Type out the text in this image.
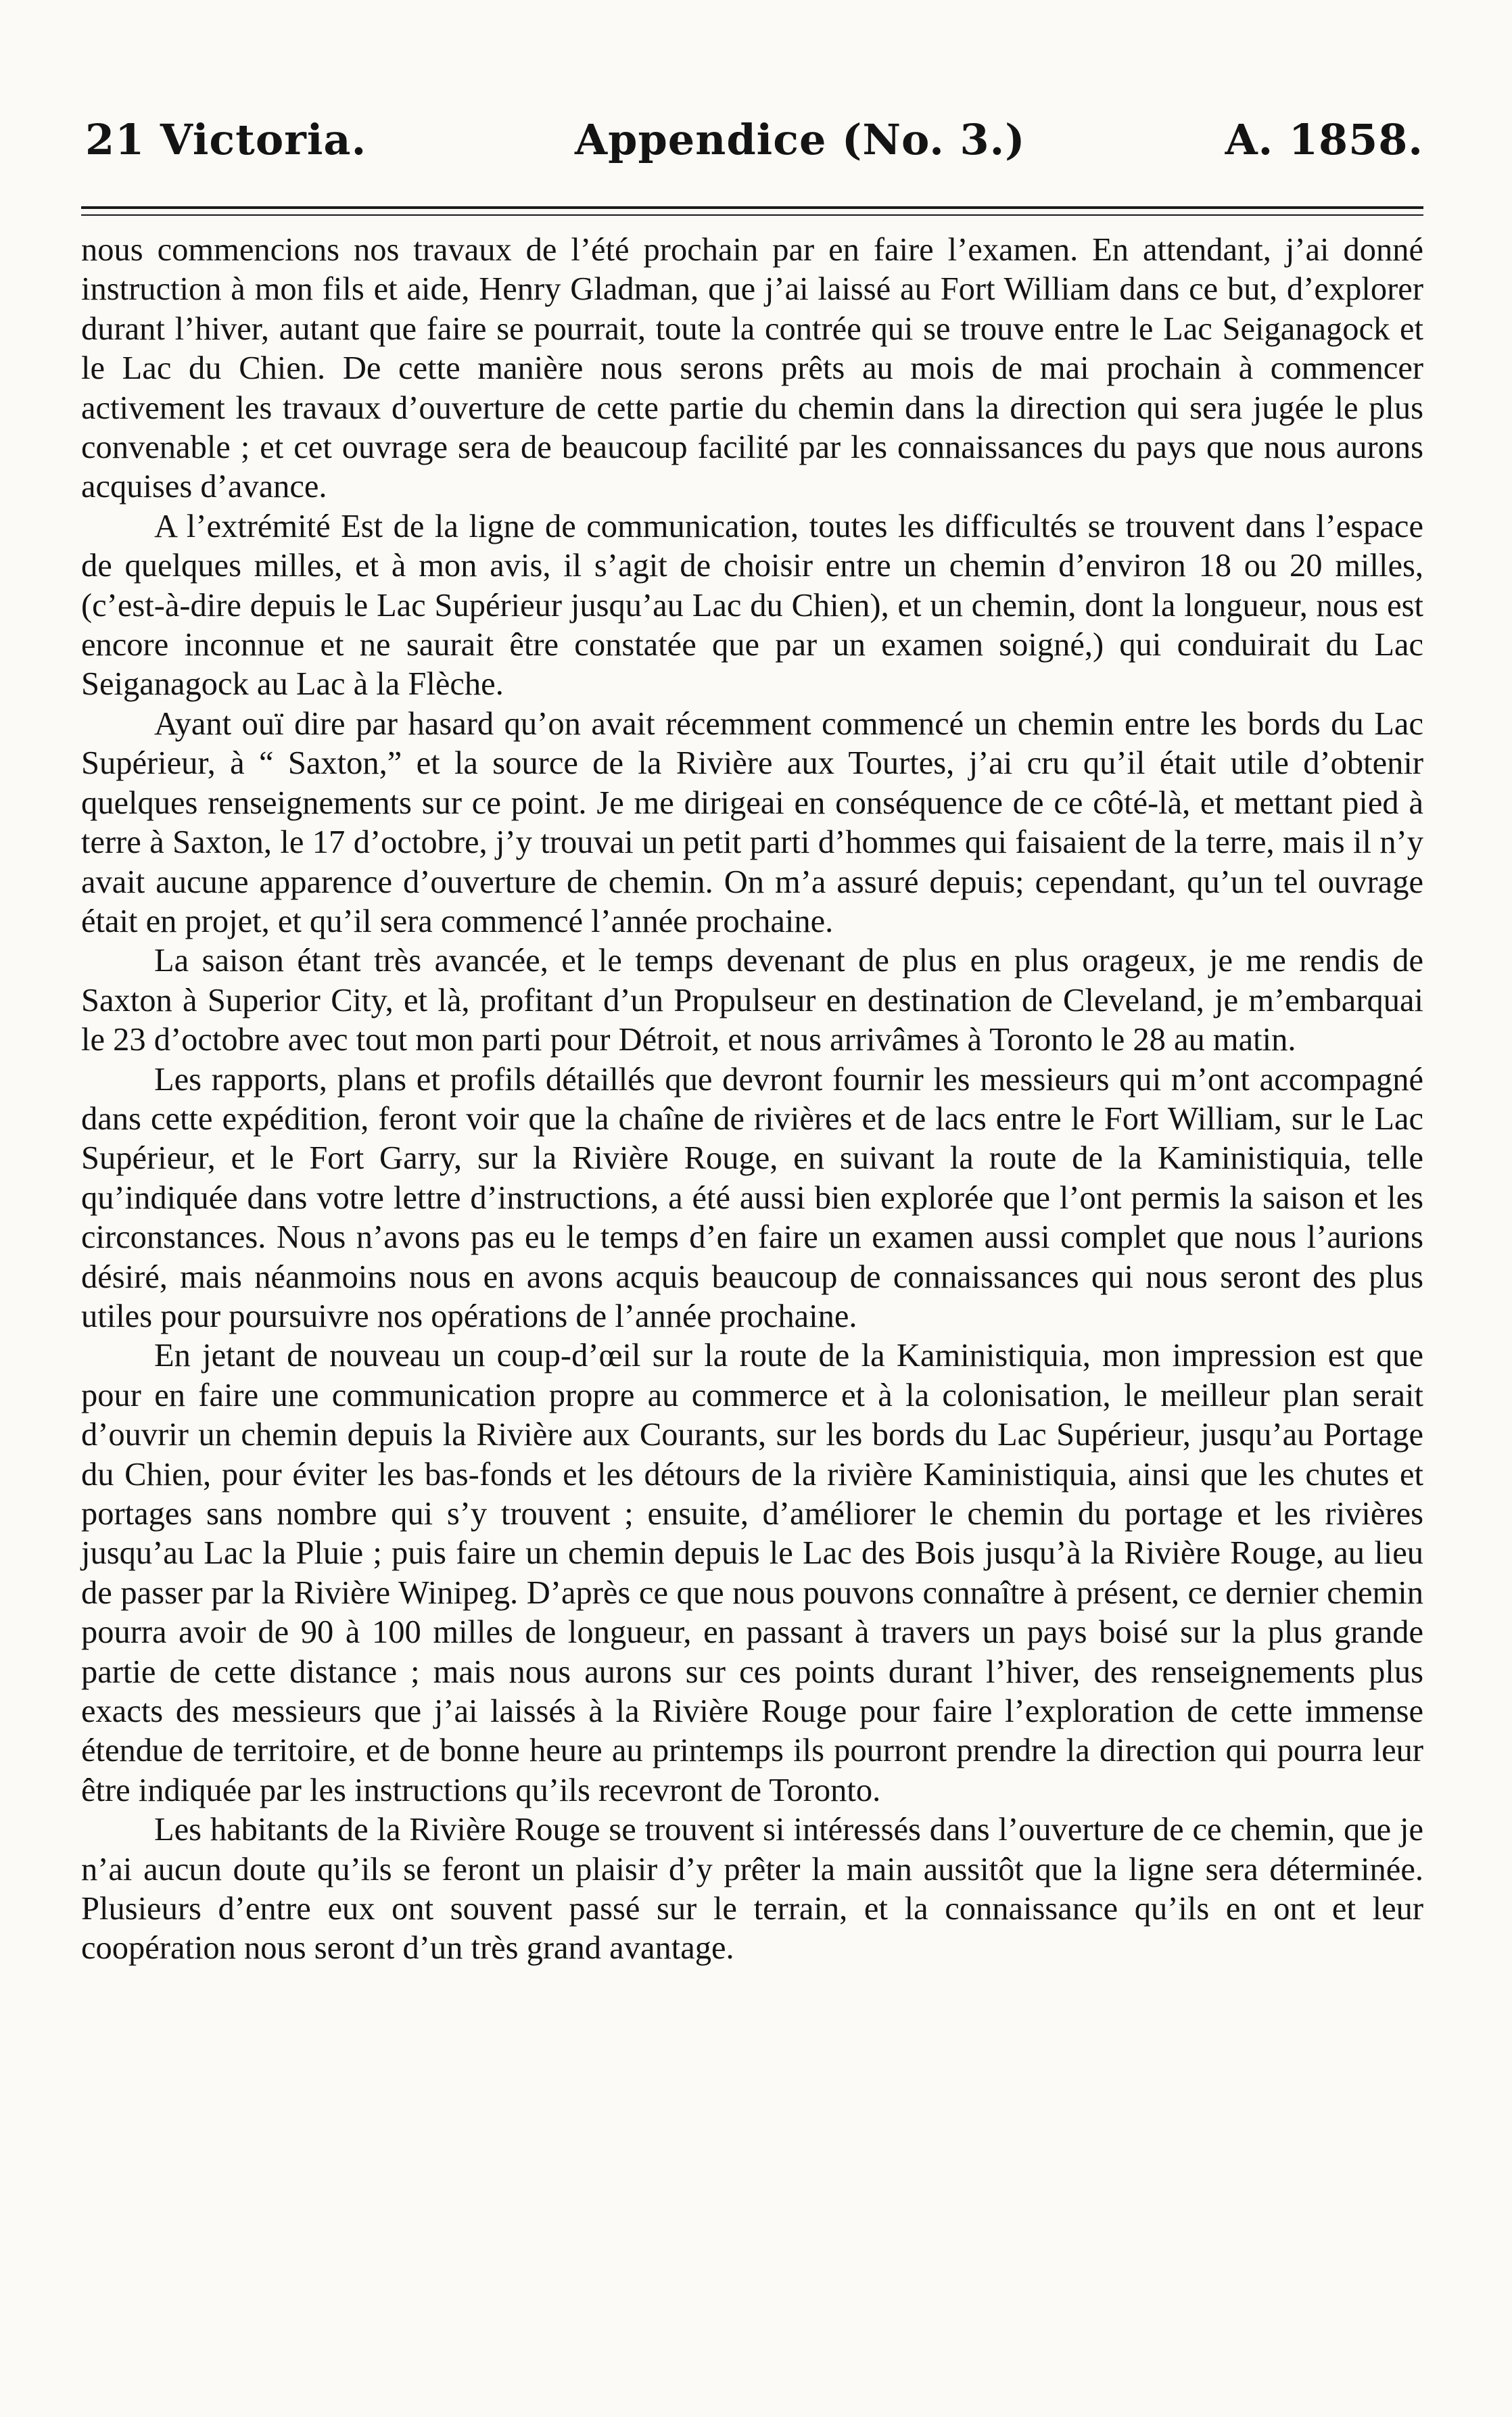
21 Victoria.	Appendice (No. 3.)	A. 1858.

nous commencions nos travaux de l’été prochain par en faire l’examen. En attendant, j’ai donné instruction à mon fils et aide, Henry Gladman, que j’ai laissé au Fort William dans ce but, d’explorer durant l’hiver, autant que faire se pourrait, toute la contrée qui se trouve entre le Lac Seiganagock et le Lac du Chien. De cette manière nous serons prêts au mois de mai prochain à commencer activement les travaux d’ouverture de cette partie du chemin dans la direction qui sera jugée le plus convenable ; et cet ouvrage sera de beaucoup facilité par les connaissances du pays que nous aurons acquises d’avance.

A l’extrémité Est de la ligne de communication, toutes les difficultés se trouvent dans l’espace de quelques milles, et à mon avis, il s’agit de choisir entre un chemin d’environ 18 ou 20 milles, (c’est-à-dire depuis le Lac Supérieur jusqu’au Lac du Chien), et un chemin, dont la longueur, nous est encore inconnue et ne saurait être constatée que par un examen soigné,) qui conduirait du Lac Seiganagock au Lac à la Flèche.

Ayant ouï dire par hasard qu’on avait récemment commencé un chemin entre les bords du Lac Supérieur, à “ Saxton,” et la source de la Rivière aux Tourtes, j’ai cru qu’il était utile d’obtenir quelques renseignements sur ce point. Je me dirigeai en conséquence de ce côté-là, et mettant pied à terre à Saxton, le 17 d’octobre, j’y trouvai un petit parti d’hommes qui faisaient de la terre, mais il n’y avait aucune apparence d’ouverture de chemin. On m’a assuré depuis; cependant, qu’un tel ouvrage était en projet, et qu’il sera commencé l’année prochaine.

La saison étant très avancée, et le temps devenant de plus en plus orageux, je me rendis de Saxton à Superior City, et là, profitant d’un Propulseur en destination de Cleveland, je m’embarquai le 23 d’octobre avec tout mon parti pour Détroit, et nous arrivâmes à Toronto le 28 au matin.

Les rapports, plans et profils détaillés que devront fournir les messieurs qui m’ont accompagné dans cette expédition, feront voir que la chaîne de rivières et de lacs entre le Fort William, sur le Lac Supérieur, et le Fort Garry, sur la Rivière Rouge, en suivant la route de la Kaministiquia, telle qu’indiquée dans votre lettre d’instructions, a été aussi bien explorée que l’ont permis la saison et les circonstances. Nous n’avons pas eu le temps d’en faire un examen aussi complet que nous l’aurions désiré, mais néanmoins nous en avons acquis beaucoup de connaissances qui nous seront des plus utiles pour poursuivre nos opérations de l’année prochaine.

En jetant de nouveau un coup-d’œil sur la route de la Kaministiquia, mon impression est que pour en faire une communication propre au commerce et à la colonisation, le meilleur plan serait d’ouvrir un chemin depuis la Rivière aux Courants, sur les bords du Lac Supérieur, jusqu’au Portage du Chien, pour éviter les bas-fonds et les détours de la rivière Kaministiquia, ainsi que les chutes et portages sans nombre qui s’y trouvent ; ensuite, d’améliorer le chemin du portage et les rivières jusqu’au Lac la Pluie ; puis faire un chemin depuis le Lac des Bois jusqu’à la Rivière Rouge, au lieu de passer par la Rivière Winipeg. D’après ce que nous pouvons connaître à présent, ce dernier chemin pourra avoir de 90 à 100 milles de longueur, en passant à travers un pays boisé sur la plus grande partie de cette distance ; mais nous aurons sur ces points durant l’hiver, des renseignements plus exacts des messieurs que j’ai laissés à la Rivière Rouge pour faire l’exploration de cette immense étendue de territoire, et de bonne heure au printemps ils pourront prendre la direction qui pourra leur être indiquée par les instructions qu’ils recevront de Toronto.

Les habitants de la Rivière Rouge se trouvent si intéressés dans l’ouverture de ce chemin, que je n’ai aucun doute qu’ils se feront un plaisir d’y prêter la main aussitôt que la ligne sera déterminée. Plusieurs d’entre eux ont souvent passé sur le terrain, et la connaissance qu’ils en ont et leur coopération nous seront d’un très grand avantage.
